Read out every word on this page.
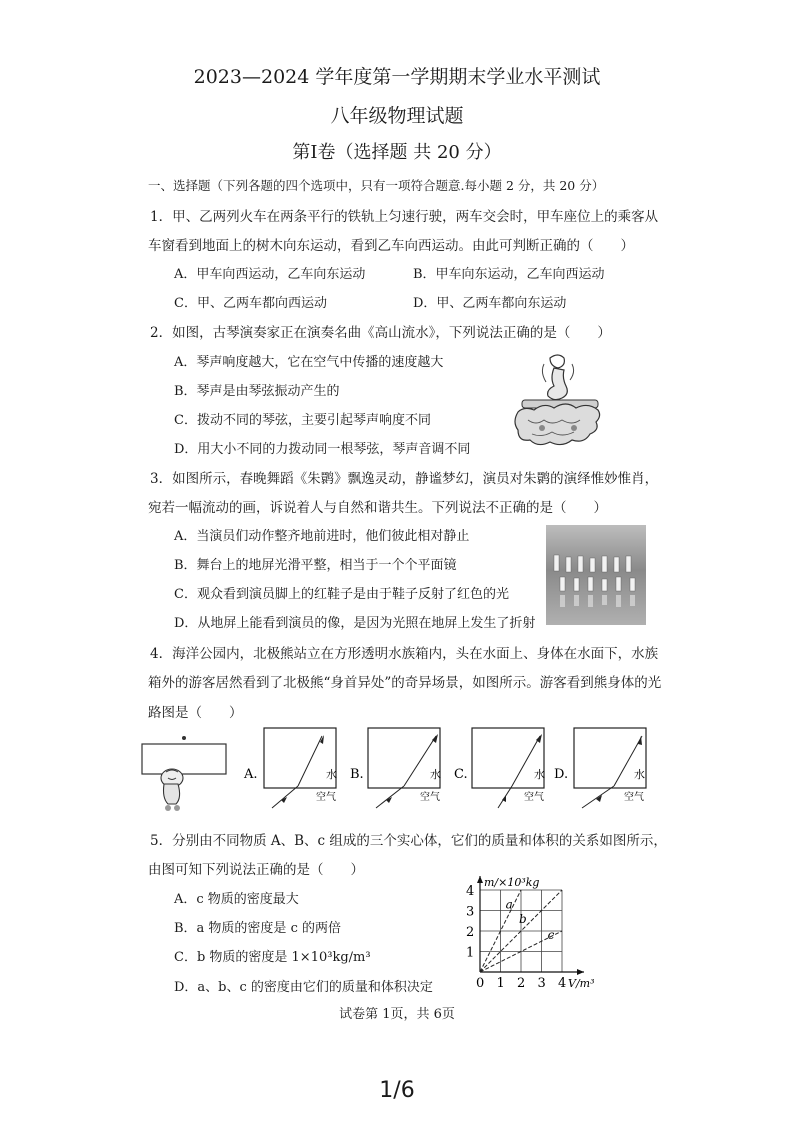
2023—2024 学年度第一学期期末学业水平测试
八年级物理试题
第Ⅰ卷（选择题 共 20 分）
一、选择题（下列各题的四个选项中，只有一项符合题意.每小题 2 分，共 20 分）
1．甲、乙两列火车在两条平行的铁轨上匀速行驶，两车交会时，甲车座位上的乘客从
车窗看到地面上的树木向东运动，看到乙车向西运动。由此可判断正确的（　　）
A．甲车向西运动，乙车向东运动	B．甲车向东运动，乙车向西运动
C．甲、乙两车都向西运动	D．甲、乙两车都向东运动
2．如图，古琴演奏家正在演奏名曲《高山流水》，下列说法正确的是（　　）
A．琴声响度越大，它在空气中传播的速度越大
B．琴声是由琴弦振动产生的
C．拨动不同的琴弦，主要引起琴声响度不同
D．用大小不同的力拨动同一根琴弦，琴声音调不同
3．如图所示，春晚舞蹈《朱鹮》飘逸灵动，静谧梦幻，演员对朱鹮的演绎惟妙惟肖，
宛若一幅流动的画，诉说着人与自然和谐共生。下列说法不正确的是（　　）
A．当演员们动作整齐地前进时，他们彼此相对静止
B．舞台上的地屏光滑平整，相当于一个个平面镜
C．观众看到演员脚上的红鞋子是由于鞋子反射了红色的光
D．从地屏上能看到演员的像，是因为光照在地屏上发生了折射
4．海洋公园内，北极熊站立在方形透明水族箱内，头在水面上、身体在水面下，水族
箱外的游客居然看到了北极熊“身首异处”的奇异场景，如图所示。游客看到熊身体的光
路图是（　　）
A.	水
空气
B.	水
空气
C.	水
空气
D.	水
空气
5．分别由不同物质 A、B、c 组成的三个实心体，它们的质量和体积的关系如图所示，
由图可知下列说法正确的是（　　）
A．c 物质的密度最大
B．a 物质的密度是 c 的两倍
C．b 物质的密度是 1×10³kg/m³
D．a、b、c 的密度由它们的质量和体积决定	0 1 2 3 4
1
2
3
4
m/×10³kg
V/m³
a
b
c
试卷第 1页，共 6页
1/6
